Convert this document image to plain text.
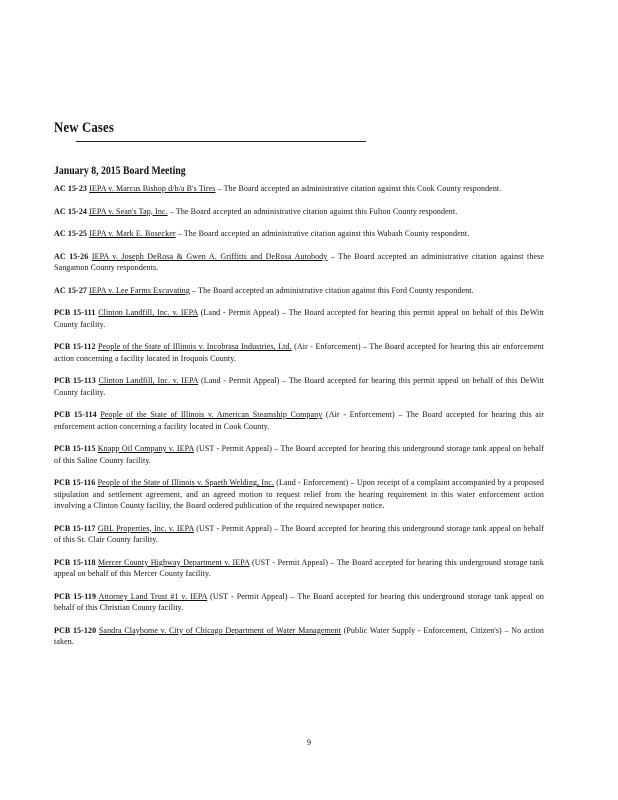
New Cases
January 8, 2015 Board Meeting
AC 15-23 IEPA v. Marcus Bishop d/b/a B's Tires – The Board accepted an administrative citation against this Cook County respondent.
AC 15-24 IEPA v. Sean's Tap, Inc. – The Board accepted an administrative citation against this Fulton County respondent.
AC 15-25 IEPA v. Mark E. Bosecker – The Board accepted an administrative citation against this Wabash County respondent.
AC 15-26 IEPA v. Joseph DeRosa & Gwen A. Griffitts and DeRosa Autobody – The Board accepted an administrative citation against these Sangamon County respondents.
AC 15-27 IEPA v. Lee Farms Excavating – The Board accepted an administrative citation against this Ford County respondent.
PCB 15-111 Clinton Landfill, Inc. v. IEPA (Land - Permit Appeal) – The Board accepted for hearing this permit appeal on behalf of this DeWitt County facility.
PCB 15-112 People of the State of Illinois v. Incobrasa Industries, Ltd. (Air - Enforcement) – The Board accepted for hearing this air enforcement action concerning a facility located in Iroquois County.
PCB 15-113 Clinton Landfill, Inc. v. IEPA (Land - Permit Appeal) – The Board accepted for hearing this permit appeal on behalf of this DeWitt County facility.
PCB 15-114 People of the State of Illinois v. American Steamship Company (Air - Enforcement) – The Board accepted for hearing this air enforcement action concerning a facility located in Cook County.
PCB 15-115 Knapp Oil Company v. IEPA (UST - Permit Appeal) – The Board accepted for hearing this underground storage tank appeal on behalf of this Saline County facility.
PCB 15-116 People of the State of Illinois v. Spaeth Welding, Inc. (Land - Enforcement) – Upon receipt of a complaint accompanied by a proposed stipulation and settlement agreement, and an agreed motion to request relief from the hearing requirement in this water enforcement action involving a Clinton County facility, the Board ordered publication of the required newspaper notice.
PCB 15-117 GBL Properties, Inc. v. IEPA (UST - Permit Appeal) – The Board accepted for hearing this underground storage tank appeal on behalf of this St. Clair County facility.
PCB 15-118 Mercer County Highway Department v. IEPA (UST - Permit Appeal) – The Board accepted for hearing this underground storage tank appeal on behalf of this Mercer County facility.
PCB 15-119 Attorney Land Trust #1 v. IEPA (UST - Permit Appeal) – The Board accepted for hearing this underground storage tank appeal on behalf of this Christian County facility.
PCB 15-120 Sandra Claybome v. City of Chicago Department of Water Management (Public Water Supply - Enforcement, Citizen's) – No action taken.
9
